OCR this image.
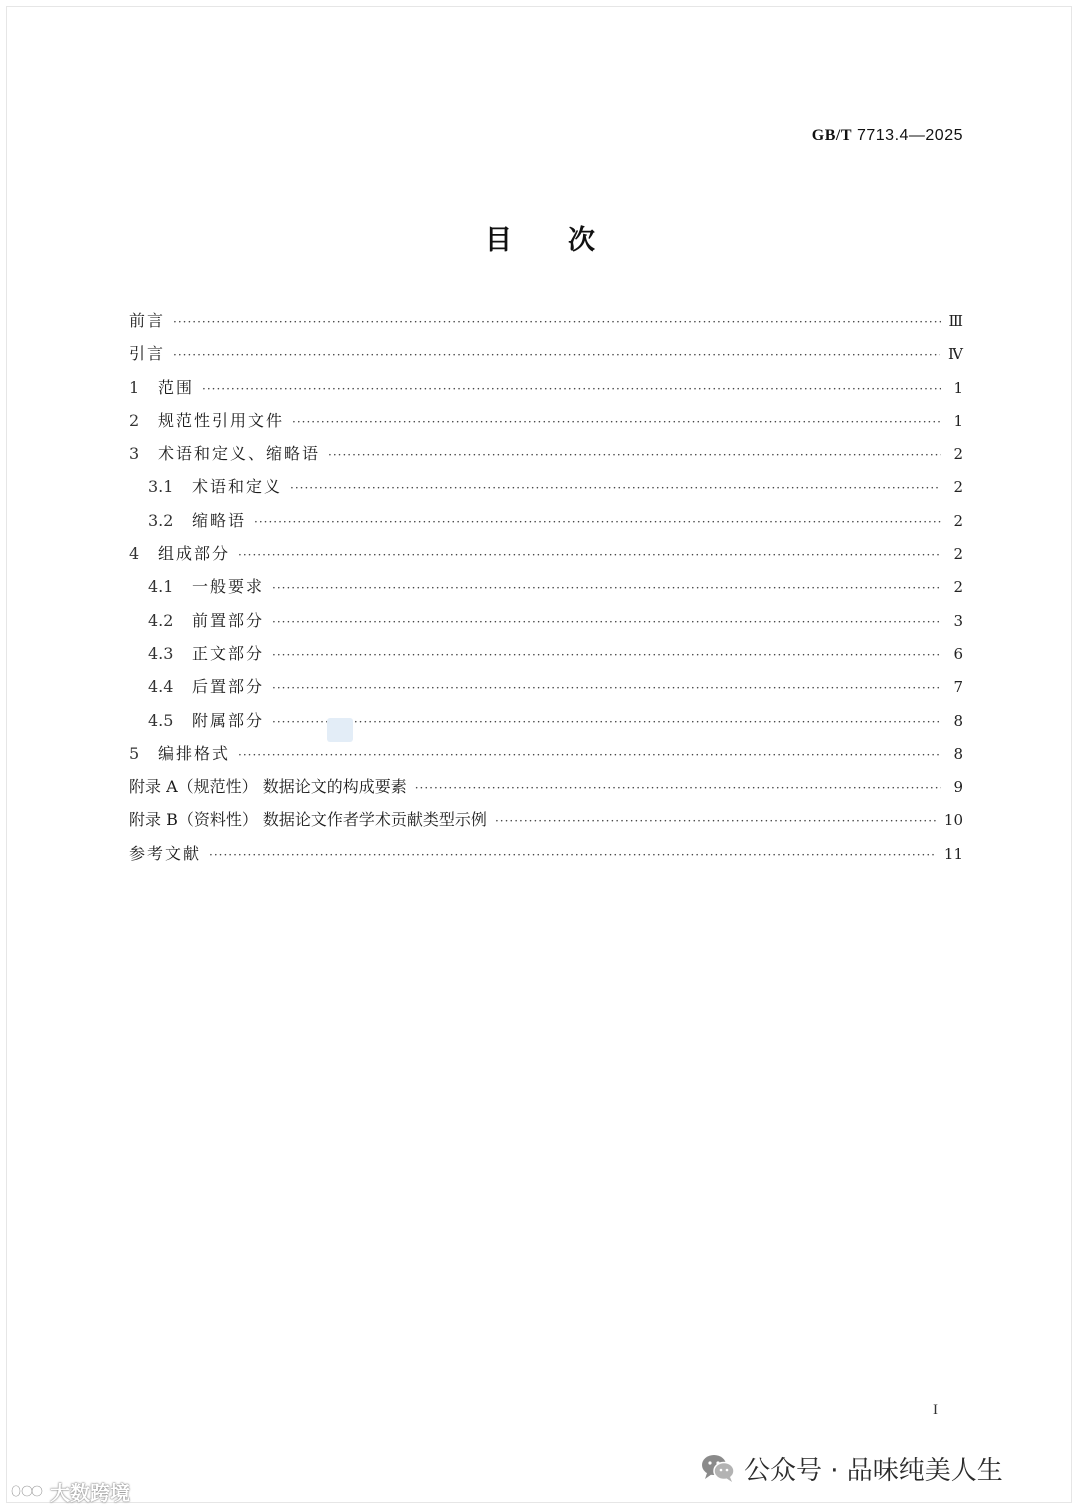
GB/T 7713.4—2025
目次
前言 ·····	Ⅲ
引言 ·····	Ⅳ
1	范围 ·····	1
2	规范性引用文件 ·····	1
3	术语和定义、缩略语 ·····	2
3.1	术语和定义 ·····	2
3.2	缩略语 ·····	2
4	组成部分 ·····	2
4.1	一般要求 ·····	2
4.2	前置部分 ·····	3
4.3	正文部分 ·····	6
4.4	后置部分 ·····	7
4.5	附属部分 ·····	8
5	编排格式 ·····	8
附录 A（规范性） 数据论文的构成要素 ·····	9
附录 B（资料性） 数据论文作者学术贡献类型示例 ·····	10
参考文献 ·····	11
I
大数跨境
公众号 · 品味纯美人生
